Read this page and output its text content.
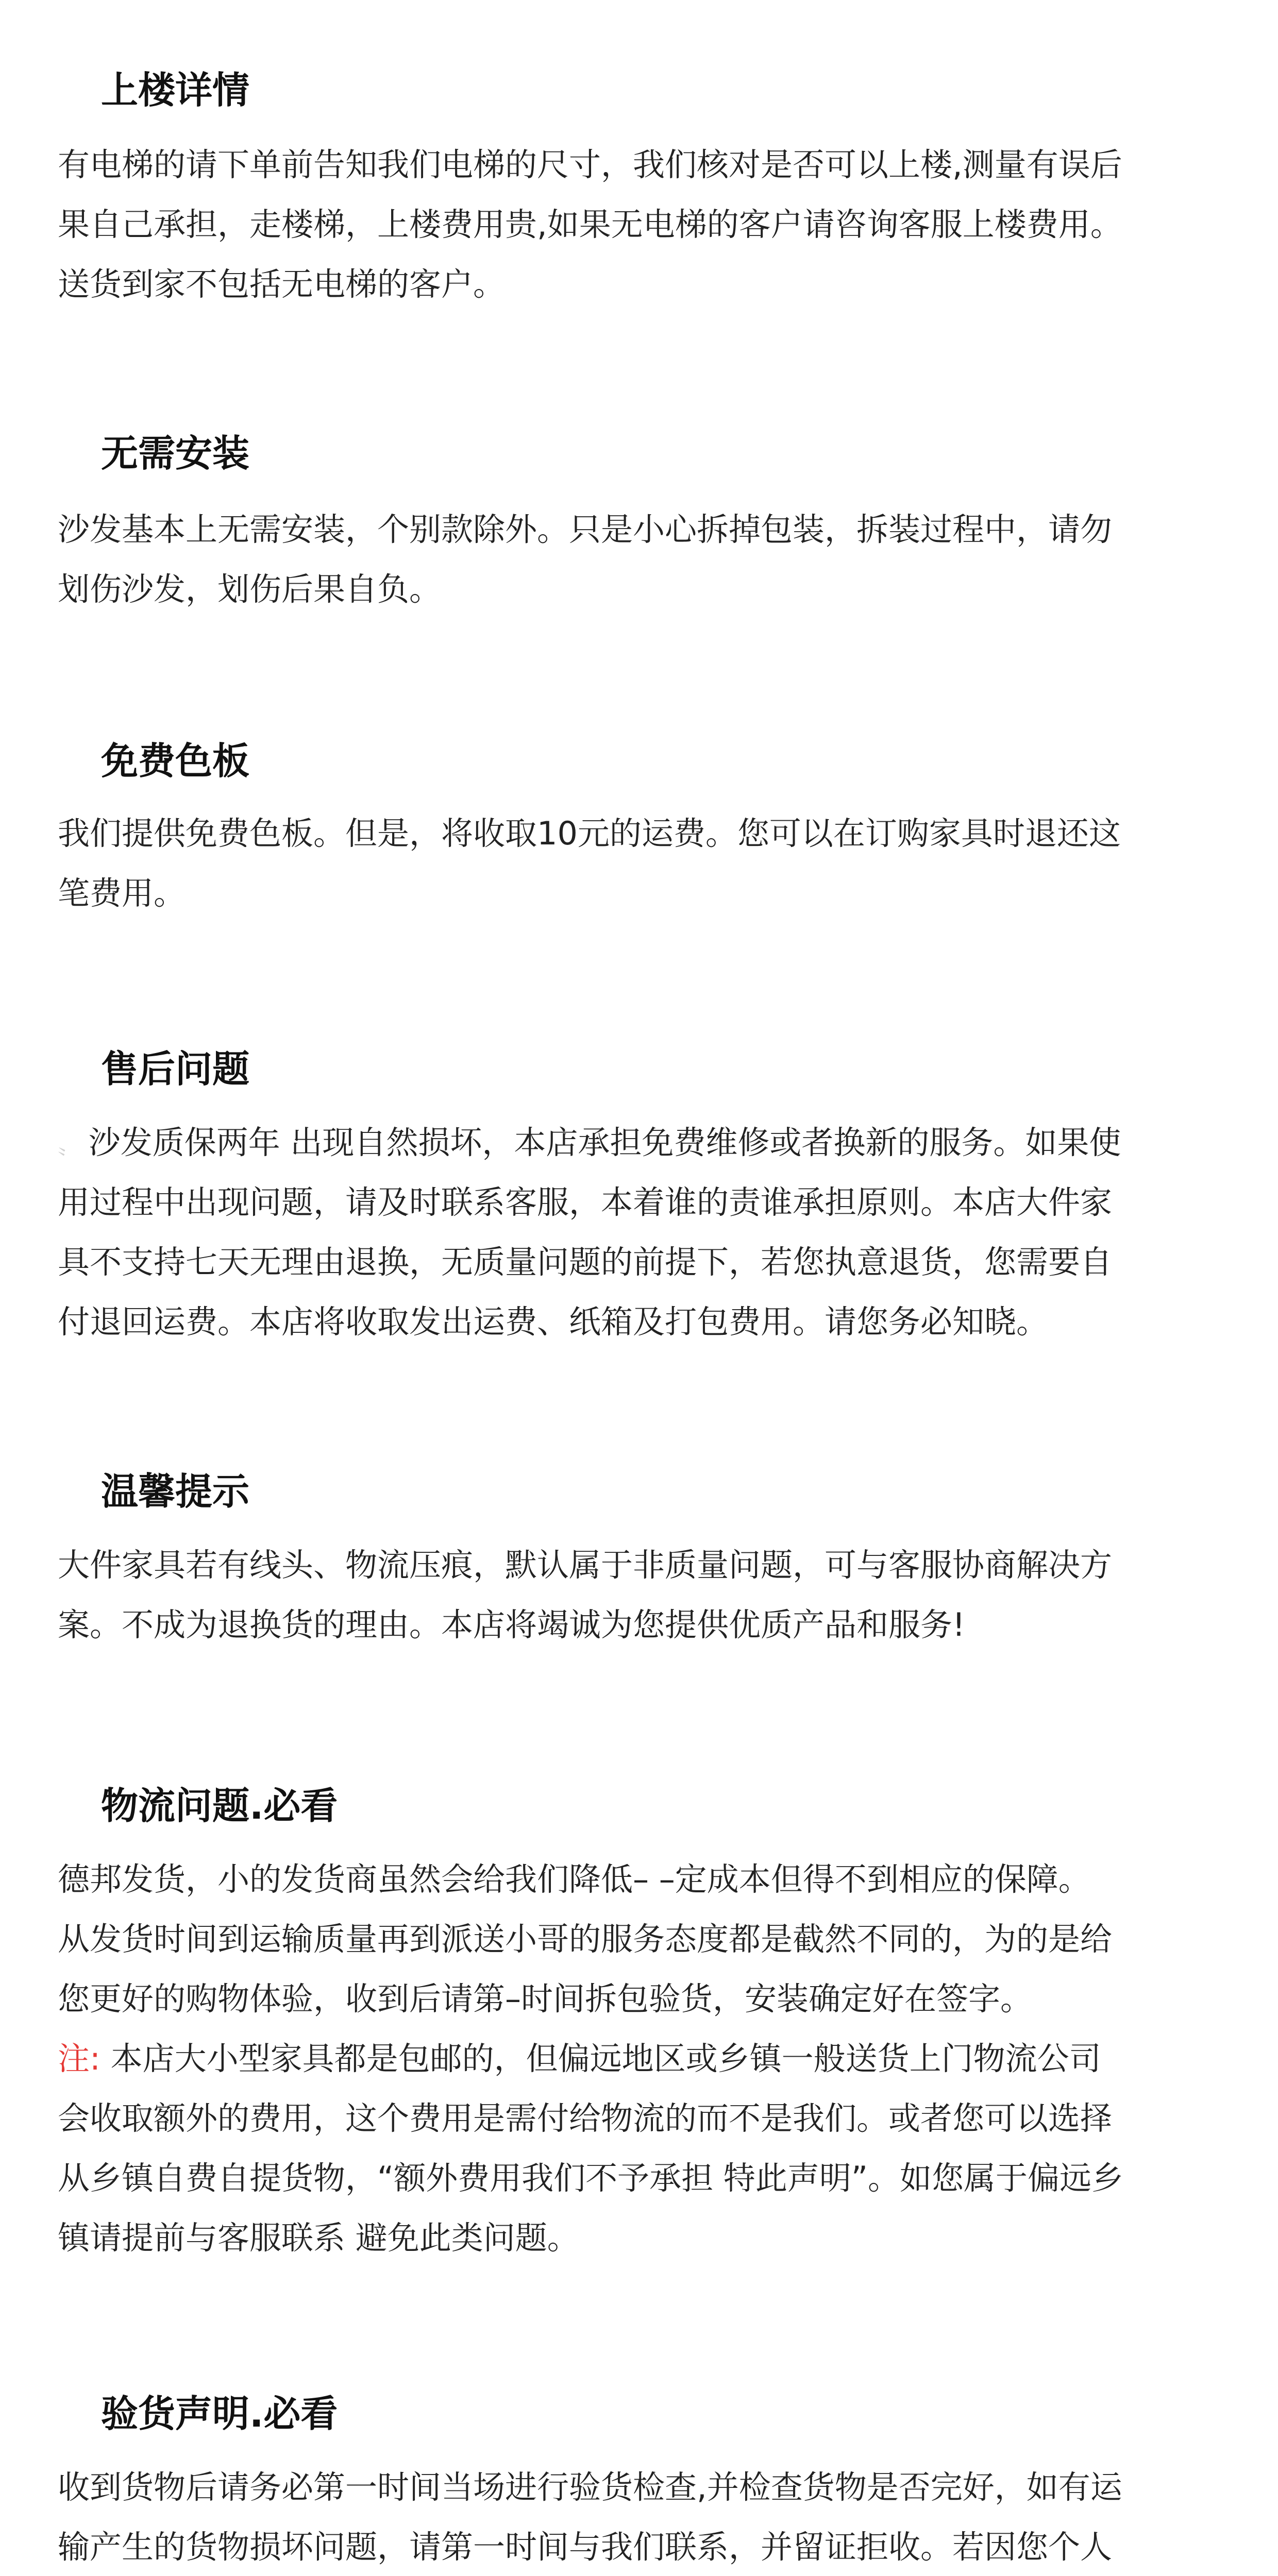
上楼详情
有电梯的请下单前告知我们电梯的尺寸，我们核对是否可以上楼,测量有误后
果自己承担，走楼梯，上楼费用贵,如果无电梯的客户请咨询客服上楼费用。
送货到家不包括无电梯的客户。
无需安装
沙发基本上无需安装，个别款除外。只是小心拆掉包装，拆装过程中，请勿
划伤沙发，划伤后果自负。
免费色板
我们提供免费色板。但是，将收取10元的运费。您可以在订购家具时退还这
笔费用。
售后问题
〟 沙发质保两年 出现自然损坏，本店承担免费维修或者换新的服务。如果使
用过程中出现问题，请及时联系客服，本着谁的责谁承担原则。本店大件家
具不支持七天无理由退换，无质量问题的前提下，若您执意退货，您需要自
付退回运费。本店将收取发出运费、纸箱及打包费用。请您务必知晓。
温馨提示
大件家具若有线头、物流压痕，默认属于非质量问题，可与客服协商解决方
案。不成为退换货的理由。本店将竭诚为您提供优质产品和服务!
物流问题.必看
德邦发货，小的发货商虽然会给我们降低– –定成本但得不到相应的保障。
从发货时间到运输质量再到派送小哥的服务态度都是截然不同的，为的是给
您更好的购物体验，收到后请第–时间拆包验货，安装确定好在签字。
注: 本店大小型家具都是包邮的，但偏远地区或乡镇一般送货上门物流公司
会收取额外的费用，这个费用是需付给物流的而不是我们。或者您可以选择
从乡镇自费自提货物，“额外费用我们不予承担 特此声明”。如您属于偏远乡
镇请提前与客服联系 避免此类问题。
验货声明.必看
收到货物后请务必第一时间当场进行验货检查,并检查货物是否完好，如有运
输产生的货物损坏问题，请第一时间与我们联系，并留证拒收。若因您个人
